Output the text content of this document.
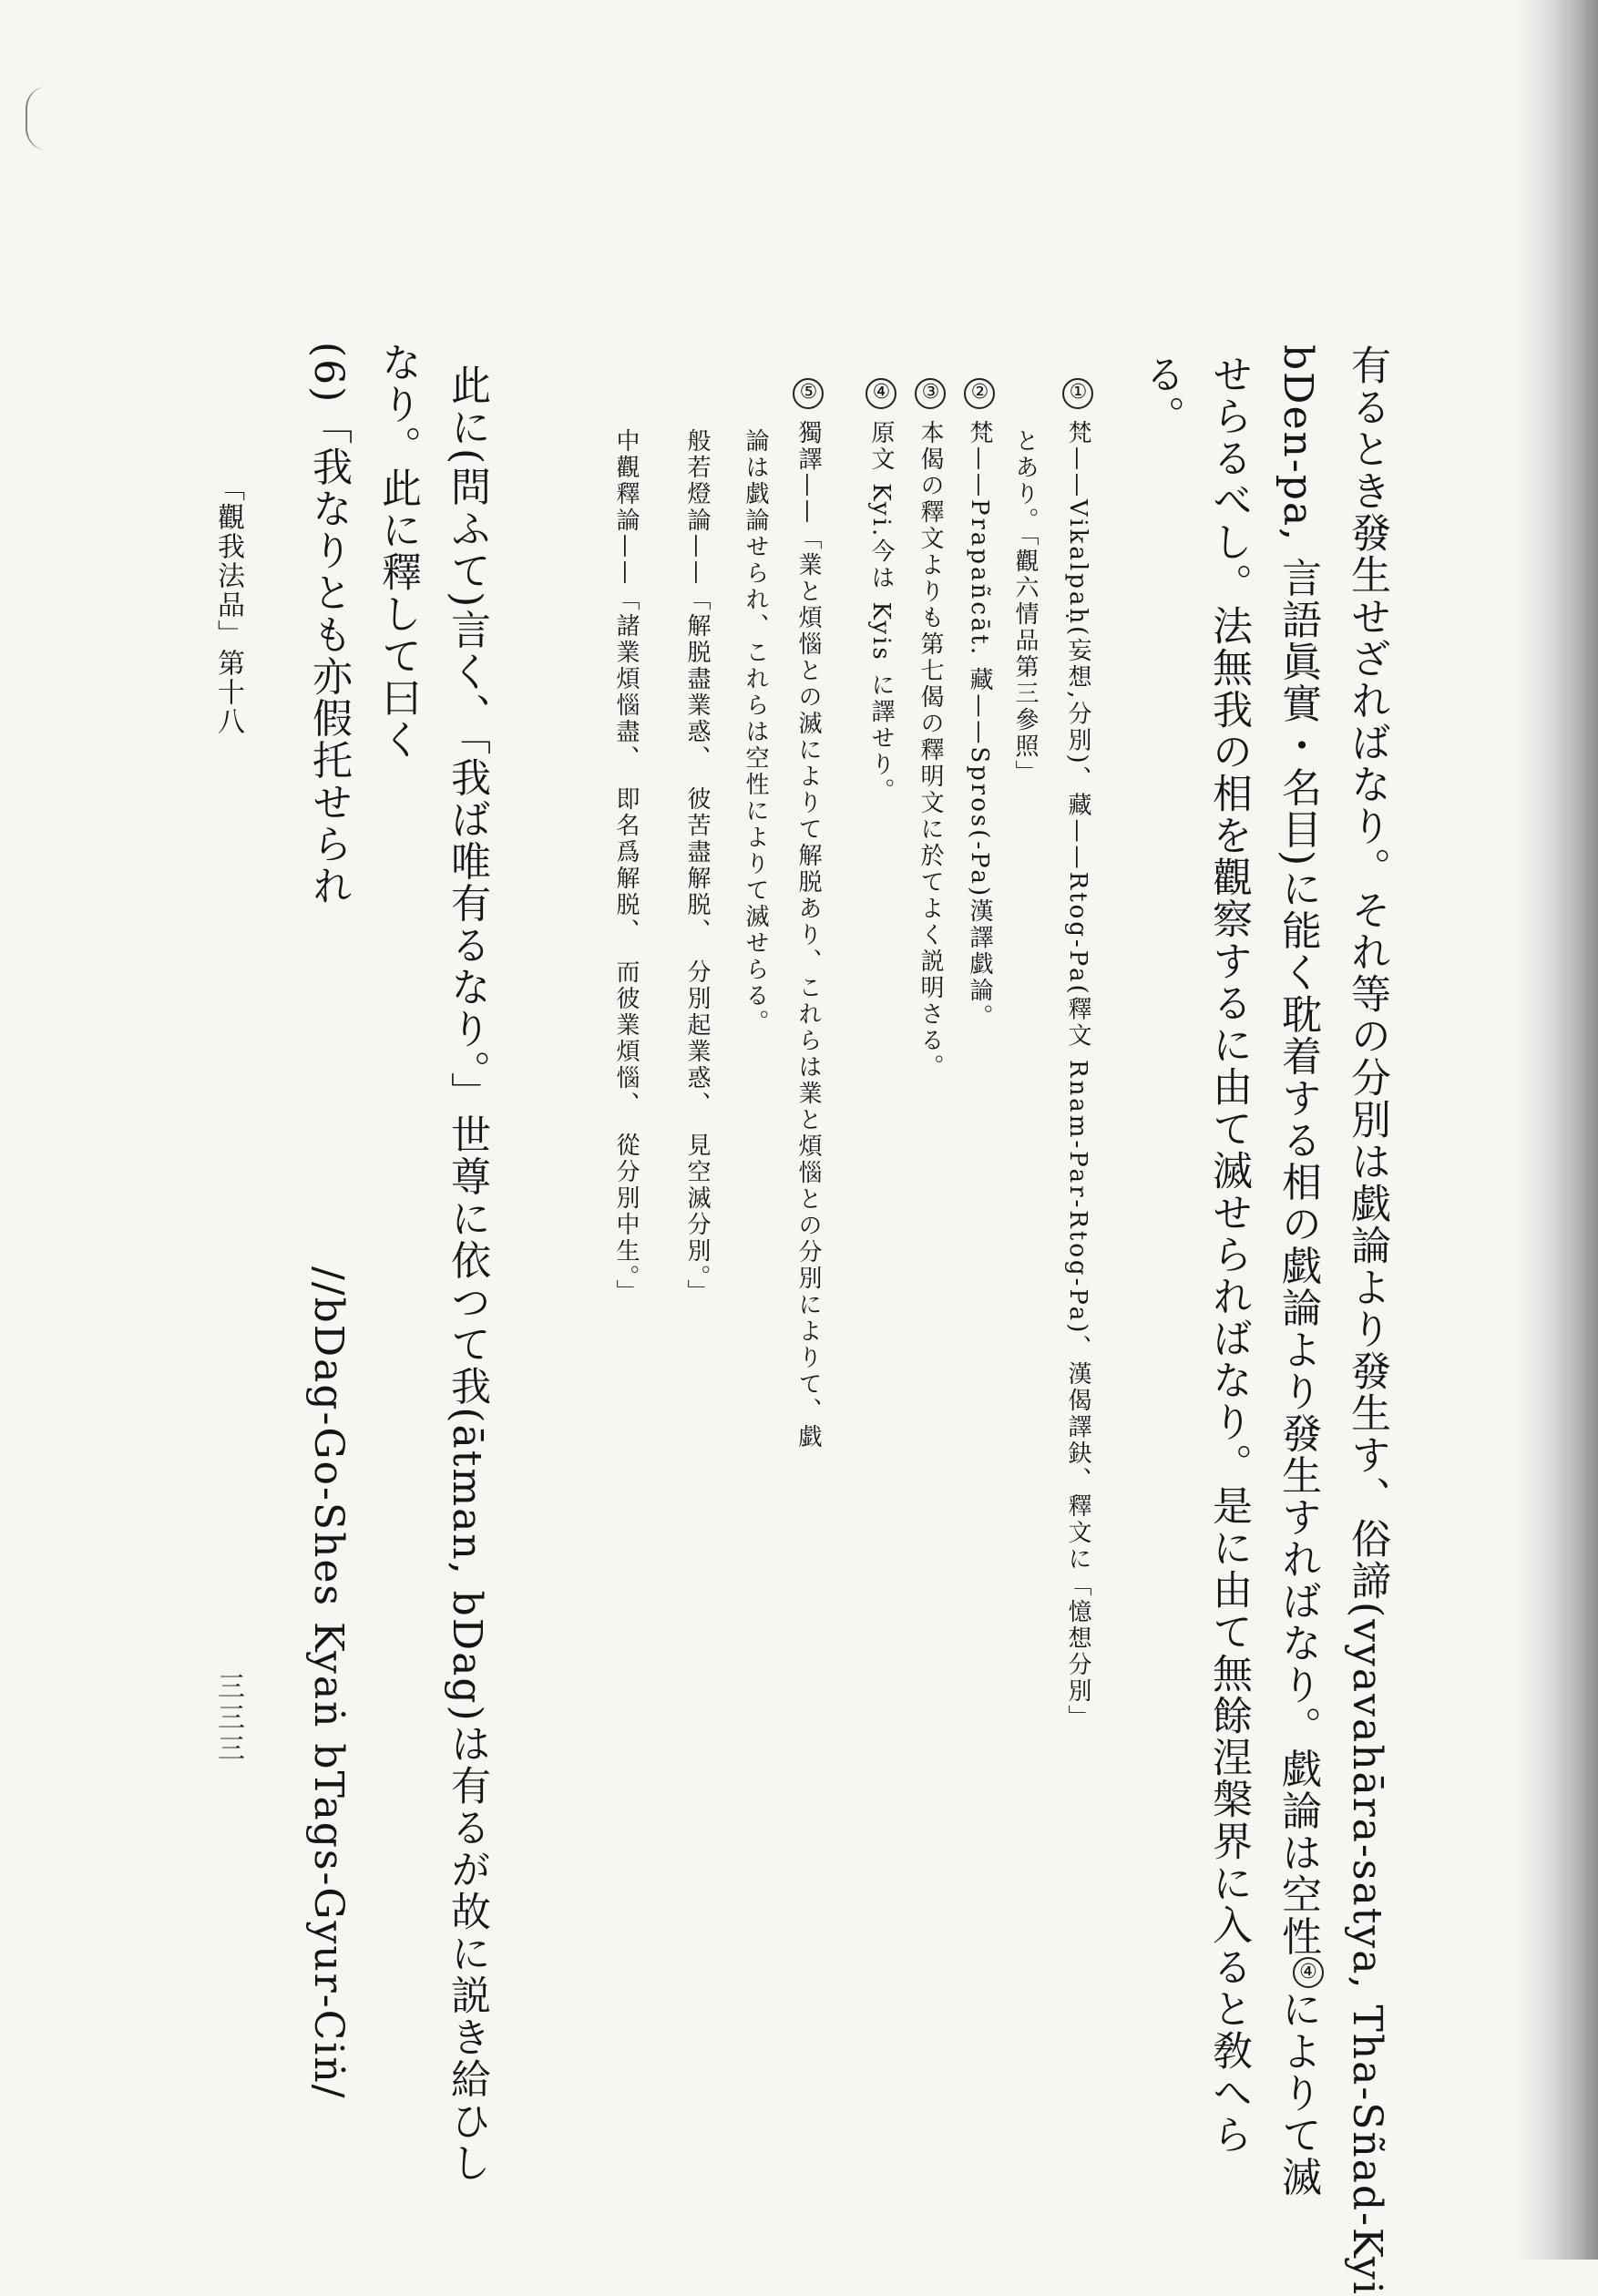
有るとき發生せざればなり。それ等の分別は戯論より發生す、俗諦(vyavahāra-satya, Tha-Sñad-Kyi
bDen-pa, 言語眞實・名目)に能く耽着する相の戯論より發生すればなり。戯論は空性④によりて滅
せらるべし。法無我の相を觀察するに由て滅せらればなり。是に由て無餘涅槃界に入ると敎へら
る。
①梵——Vikalpaḥ(妄想,分別)、藏——Rtog-Pa(釋文 Rnam-Par-Rtog-Pa)、漢偈譯鈌、釋文に「憶想分別」
とあり。「觀六情品第三參照」
②梵——Prapañcāt. 藏——Spros(-Pa)漢譯戯論。
③本偈の釋文よりも第七偈の釋明文に於てよく説明さる。
④原文 Kyi.今は Kyis に譯せり。
⑤獨譯——「業と煩惱との滅によりて解脱あり、これらは業と煩惱との分別によりて、戯
論は戯論せられ、これらは空性によりて滅せらる。
般若燈論——「解脱盡業惑、　彼苦盡解脱、　分別起業惑、　見空滅分別。」
中觀釋論——「諸業煩惱盡、　即名爲解脱、　而彼業煩惱、　從分別中生。」
此に(問ふて)言く、「我ば唯有るなり。」世尊に依つて我(ātman, bDag)は有るが故に説き給ひし
なり。此に釋して曰く
(6)「我なりとも亦假托せられ
//bDag-Go-Shes Kyaṅ bTags-Gyur-Ciṅ/
「觀我法品」第十八
三三三
